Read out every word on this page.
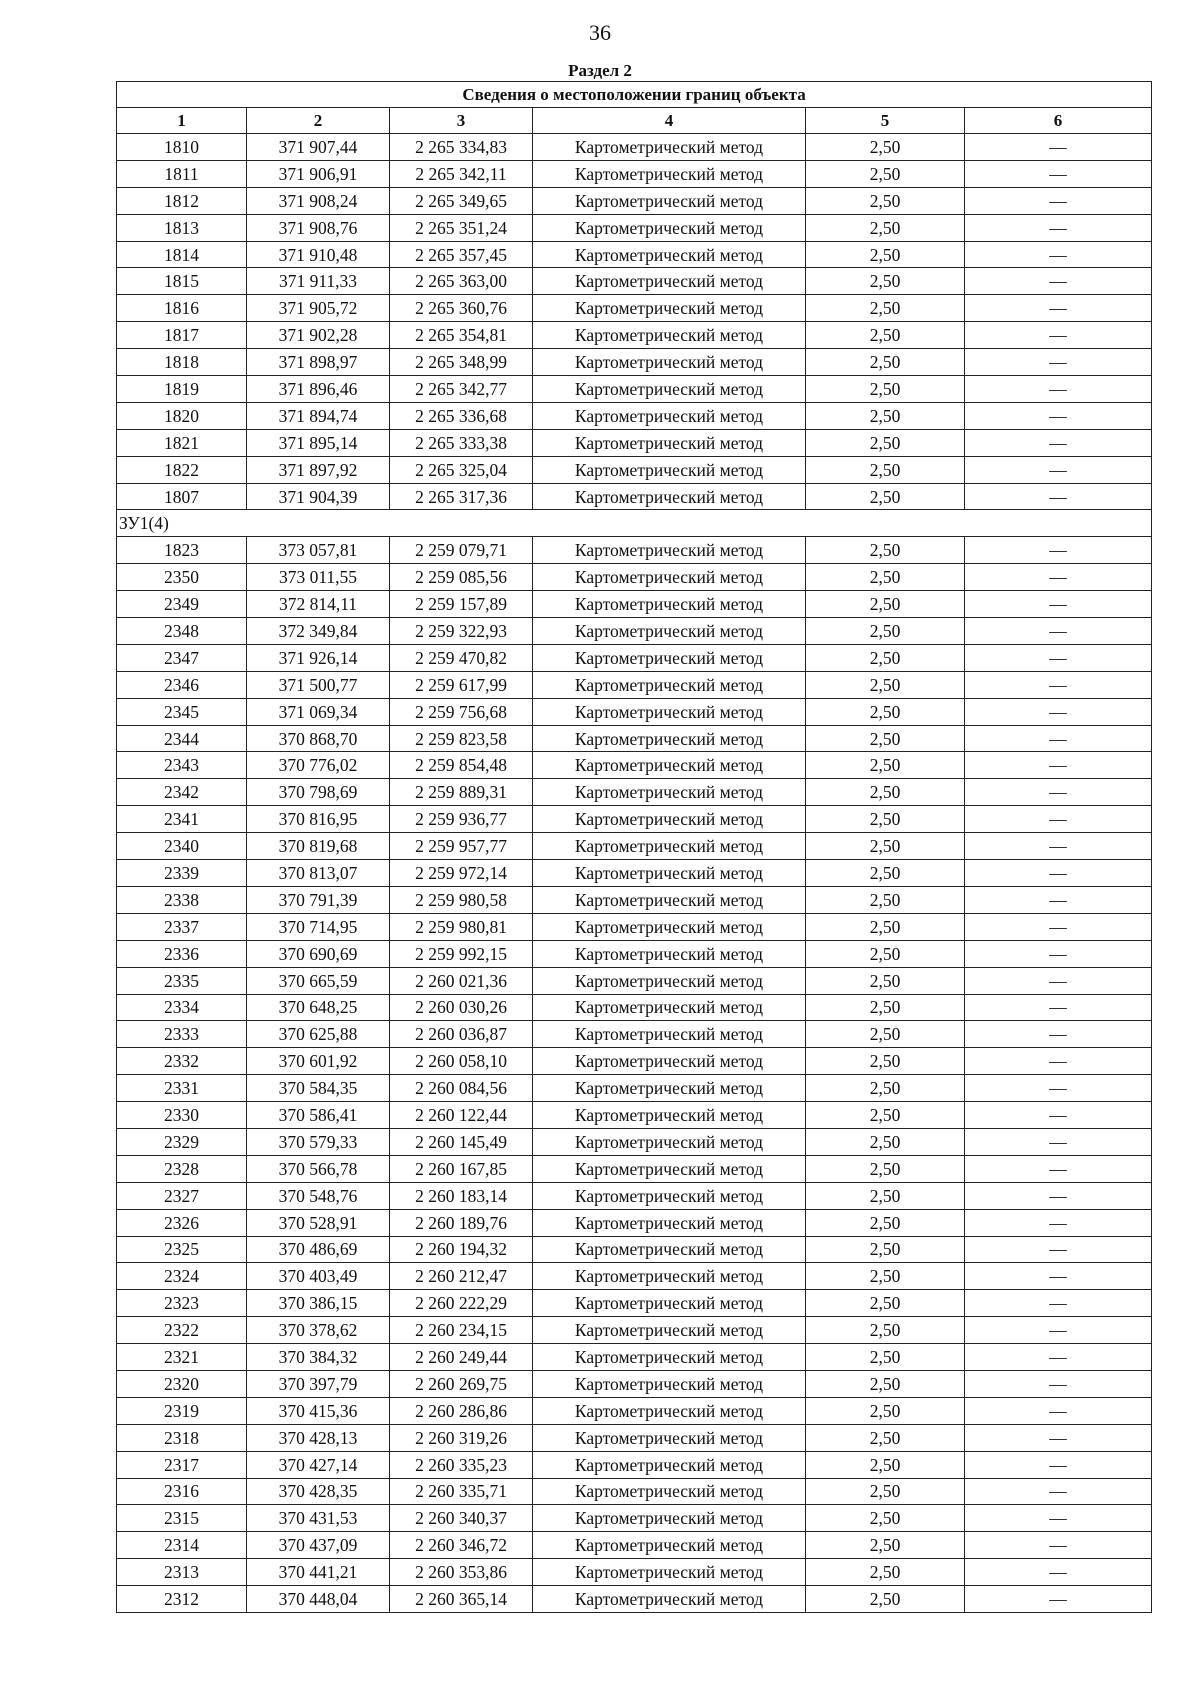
36
Раздел 2
Сведения о местоположении границ объекта					
1	2	3	4	5	6
1810	371 907,44	2 265 334,83	Картометрический метод	2,50	—
1811	371 906,91	2 265 342,11	Картометрический метод	2,50	—
1812	371 908,24	2 265 349,65	Картометрический метод	2,50	—
1813	371 908,76	2 265 351,24	Картометрический метод	2,50	—
1814	371 910,48	2 265 357,45	Картометрический метод	2,50	—
1815	371 911,33	2 265 363,00	Картометрический метод	2,50	—
1816	371 905,72	2 265 360,76	Картометрический метод	2,50	—
1817	371 902,28	2 265 354,81	Картометрический метод	2,50	—
1818	371 898,97	2 265 348,99	Картометрический метод	2,50	—
1819	371 896,46	2 265 342,77	Картометрический метод	2,50	—
1820	371 894,74	2 265 336,68	Картометрический метод	2,50	—
1821	371 895,14	2 265 333,38	Картометрический метод	2,50	—
1822	371 897,92	2 265 325,04	Картометрический метод	2,50	—
1807	371 904,39	2 265 317,36	Картометрический метод	2,50	—
ЗУ1(4)					
1823	373 057,81	2 259 079,71	Картометрический метод	2,50	—
2350	373 011,55	2 259 085,56	Картометрический метод	2,50	—
2349	372 814,11	2 259 157,89	Картометрический метод	2,50	—
2348	372 349,84	2 259 322,93	Картометрический метод	2,50	—
2347	371 926,14	2 259 470,82	Картометрический метод	2,50	—
2346	371 500,77	2 259 617,99	Картометрический метод	2,50	—
2345	371 069,34	2 259 756,68	Картометрический метод	2,50	—
2344	370 868,70	2 259 823,58	Картометрический метод	2,50	—
2343	370 776,02	2 259 854,48	Картометрический метод	2,50	—
2342	370 798,69	2 259 889,31	Картометрический метод	2,50	—
2341	370 816,95	2 259 936,77	Картометрический метод	2,50	—
2340	370 819,68	2 259 957,77	Картометрический метод	2,50	—
2339	370 813,07	2 259 972,14	Картометрический метод	2,50	—
2338	370 791,39	2 259 980,58	Картометрический метод	2,50	—
2337	370 714,95	2 259 980,81	Картометрический метод	2,50	—
2336	370 690,69	2 259 992,15	Картометрический метод	2,50	—
2335	370 665,59	2 260 021,36	Картометрический метод	2,50	—
2334	370 648,25	2 260 030,26	Картометрический метод	2,50	—
2333	370 625,88	2 260 036,87	Картометрический метод	2,50	—
2332	370 601,92	2 260 058,10	Картометрический метод	2,50	—
2331	370 584,35	2 260 084,56	Картометрический метод	2,50	—
2330	370 586,41	2 260 122,44	Картометрический метод	2,50	—
2329	370 579,33	2 260 145,49	Картометрический метод	2,50	—
2328	370 566,78	2 260 167,85	Картометрический метод	2,50	—
2327	370 548,76	2 260 183,14	Картометрический метод	2,50	—
2326	370 528,91	2 260 189,76	Картометрический метод	2,50	—
2325	370 486,69	2 260 194,32	Картометрический метод	2,50	—
2324	370 403,49	2 260 212,47	Картометрический метод	2,50	—
2323	370 386,15	2 260 222,29	Картометрический метод	2,50	—
2322	370 378,62	2 260 234,15	Картометрический метод	2,50	—
2321	370 384,32	2 260 249,44	Картометрический метод	2,50	—
2320	370 397,79	2 260 269,75	Картометрический метод	2,50	—
2319	370 415,36	2 260 286,86	Картометрический метод	2,50	—
2318	370 428,13	2 260 319,26	Картометрический метод	2,50	—
2317	370 427,14	2 260 335,23	Картометрический метод	2,50	—
2316	370 428,35	2 260 335,71	Картометрический метод	2,50	—
2315	370 431,53	2 260 340,37	Картометрический метод	2,50	—
2314	370 437,09	2 260 346,72	Картометрический метод	2,50	—
2313	370 441,21	2 260 353,86	Картометрический метод	2,50	—
2312	370 448,04	2 260 365,14	Картометрический метод	2,50	—
